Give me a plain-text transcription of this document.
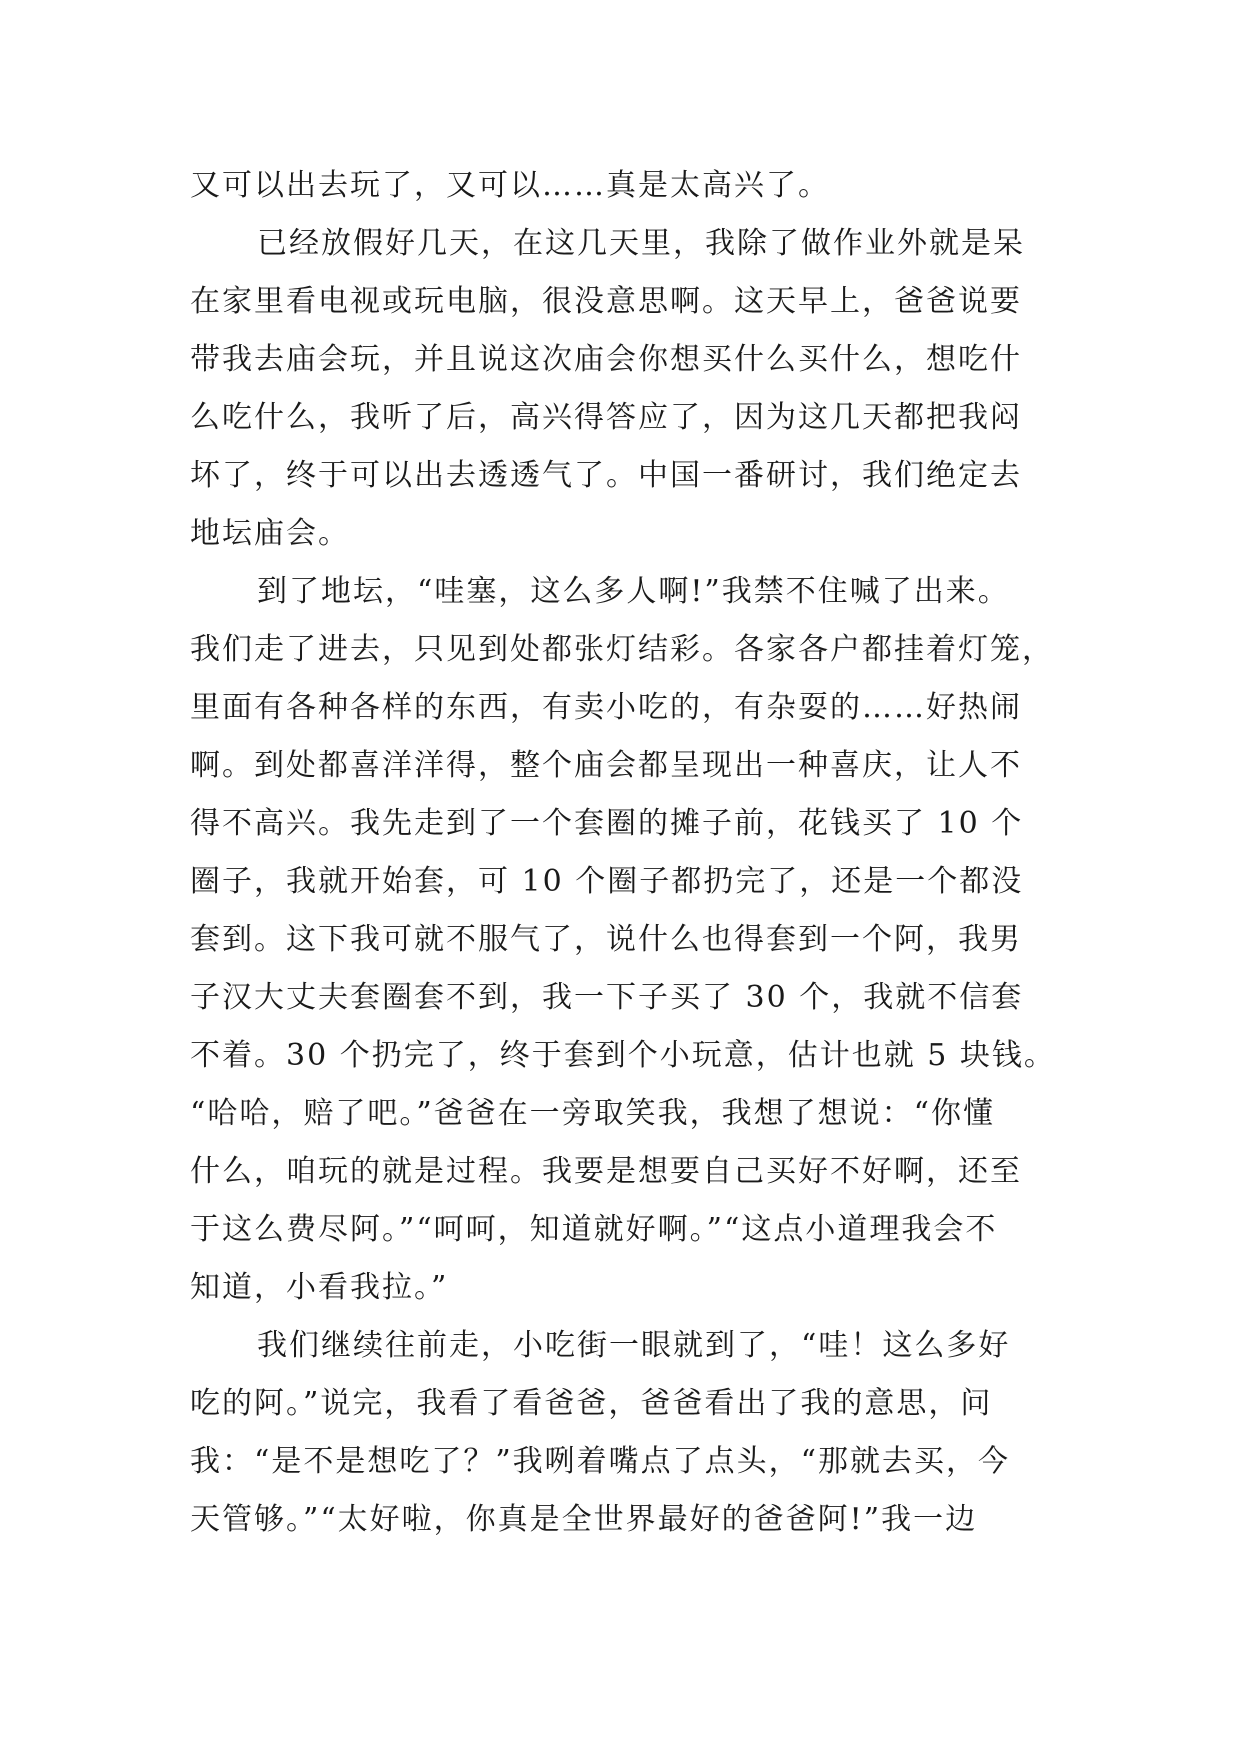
又可以出去玩了，又可以……真是太高兴了。
已经放假好几天，在这几天里，我除了做作业外就是呆
在家里看电视或玩电脑，很没意思啊。这天早上，爸爸说要
带我去庙会玩，并且说这次庙会你想买什么买什么，想吃什
么吃什么，我听了后，高兴得答应了，因为这几天都把我闷
坏了，终于可以出去透透气了。中国一番研讨，我们绝定去
地坛庙会。
到了地坛，“哇塞，这么多人啊!”我禁不住喊了出来。
我们走了进去，只见到处都张灯结彩。各家各户都挂着灯笼，
里面有各种各样的东西，有卖小吃的，有杂耍的……好热闹
啊。到处都喜洋洋得，整个庙会都呈现出一种喜庆，让人不
得不高兴。我先走到了一个套圈的摊子前，花钱买了 10 个
圈子，我就开始套，可 10 个圈子都扔完了，还是一个都没
套到。这下我可就不服气了，说什么也得套到一个阿，我男
子汉大丈夫套圈套不到，我一下子买了 30 个，我就不信套
不着。30 个扔完了，终于套到个小玩意，估计也就 5 块钱。
“哈哈，赔了吧。”爸爸在一旁取笑我，我想了想说：“你懂
什么，咱玩的就是过程。我要是想要自己买好不好啊，还至
于这么费尽阿。”“呵呵，知道就好啊。”“这点小道理我会不
知道，小看我拉。”
我们继续往前走，小吃街一眼就到了，“哇！这么多好
吃的阿。”说完，我看了看爸爸，爸爸看出了我的意思，问
我：“是不是想吃了？”我咧着嘴点了点头，“那就去买，今
天管够。”“太好啦，你真是全世界最好的爸爸阿!”我一边
